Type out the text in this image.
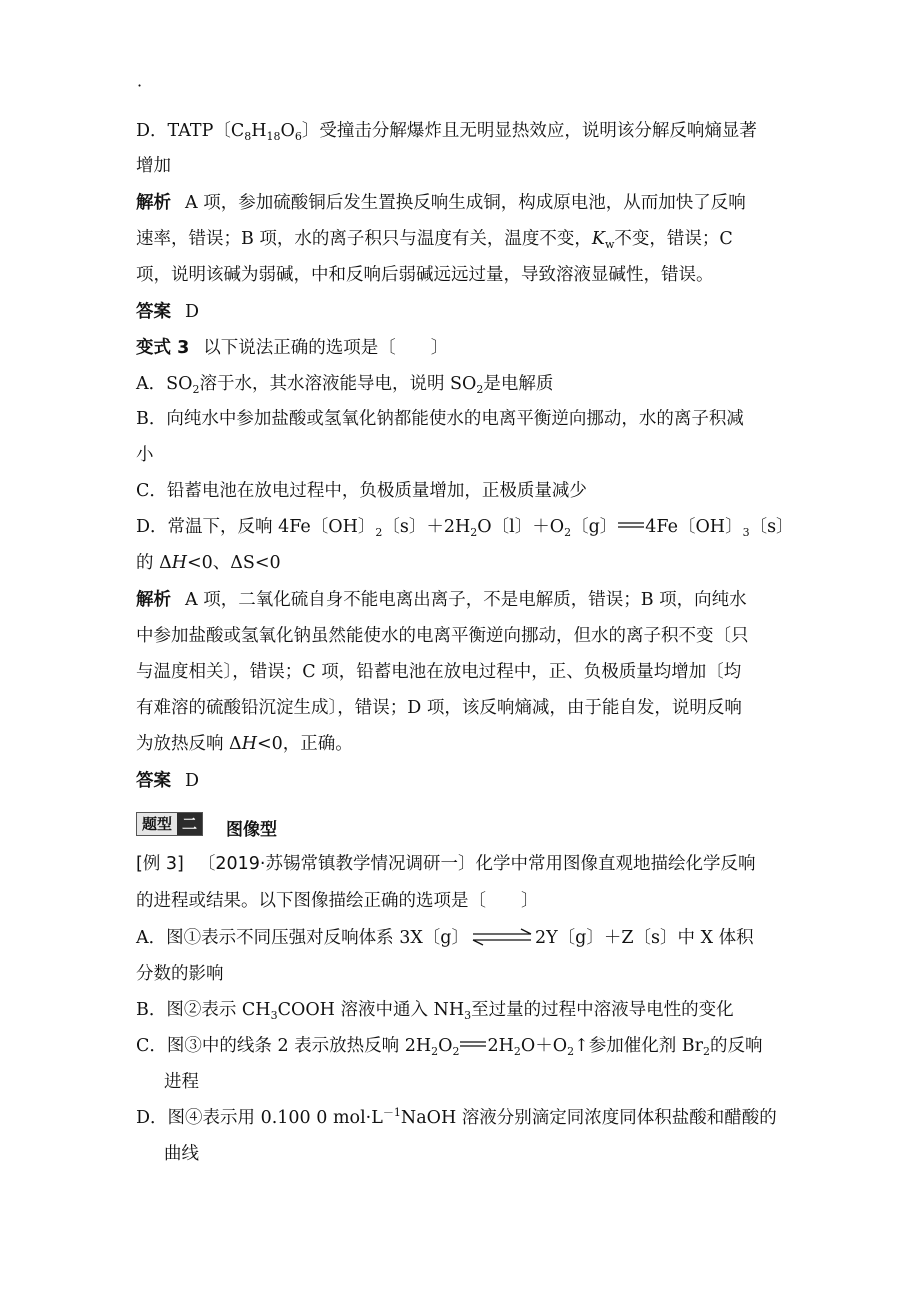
·
D．TATP〔$C_8H_{18}O_6$〕受撞击分解爆炸且无明显热效应，说明该分解反响熵显著
增加
解析 A 项，参加硫酸铜后发生置换反响生成铜，构成原电池，从而加快了反响
速率，错误；B 项，水的离子积只与温度有关，温度不变，$K_w$不变，错误；C
项，说明该碱为弱碱，中和反响后弱碱远远过量，导致溶液显碱性，错误。
答案 D
变式 3 以下说法正确的选项是〔　　〕
A．$SO_2$溶于水，其水溶液能导电，说明 $SO_2$是电解质
B．向纯水中参加盐酸或氢氧化钠都能使水的电离平衡逆向挪动，水的离子积减
小
C．铅蓄电池在放电过程中，负极质量增加，正极质量减少
D．常温下，反响 4Fe〔OH〕$_2$〔s〕$+2H_2O$〔l〕$+O_2$〔g〕 4Fe〔OH〕$_3$〔s〕
的 ΔH<0、ΔS<0
解析 A 项，二氧化硫自身不能电离出离子，不是电解质，错误；B 项，向纯水
中参加盐酸或氢氧化钠虽然能使水的电离平衡逆向挪动，但水的离子积不变〔只
与温度相关〕，错误；C 项，铅蓄电池在放电过程中，正、负极质量均增加〔均
有难溶的硫酸铅沉淀生成〕，错误；D 项，该反响熵减，由于能自发，说明反响
为放热反响 ΔH<0，正确。
答案 D
题型 二 图像型
[例 3] 〔2019·苏锡常镇教学情况调研一〕化学中常用图像直观地描绘化学反响
的进程或结果。以下图像描绘正确的选项是〔　　〕
A．图①表示不同压强对反响体系 3X〔g〕 ⇌ 2Y〔g〕＋Z〔s〕中 X 体积
分数的影响
B．图②表示 $CH_3COOH$ 溶液中通入 $NH_3$至过量的过程中溶液导电性的变化
C．图③中的线条 2 表示放热反响 $2H_2O_2$ $2H_2O+O_2↑$参加催化剂 $Br_2$的反响
进程
D．图④表示用 0.100 0 $mol\cdot L^{-1}NaOH$ 溶液分别滴定同浓度同体积盐酸和醋酸的
曲线
